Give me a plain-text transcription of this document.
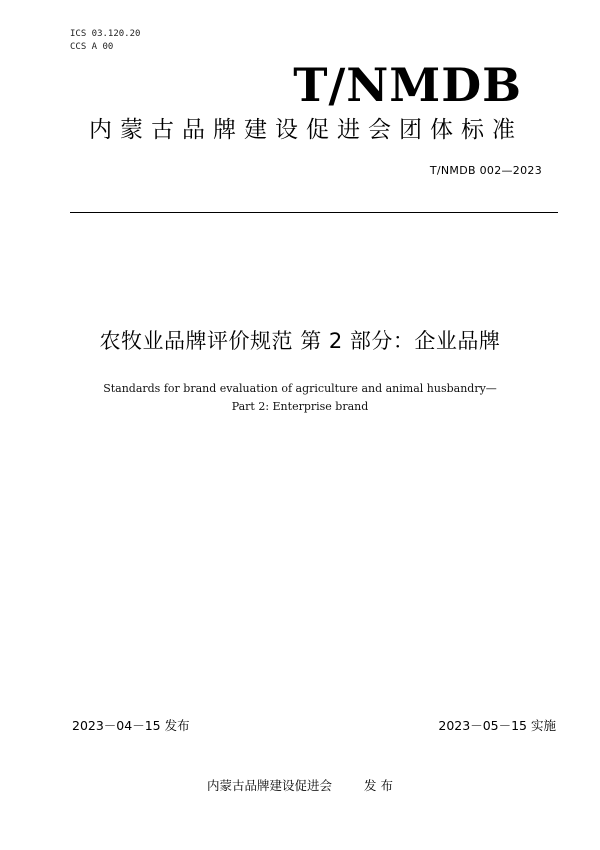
ICS 03.120.20
CCS A 00
T/NMDB
内蒙古品牌建设促进会团体标准
T/NMDB 002—2023
农牧业品牌评价规范 第 2 部分：企业品牌
Standards for brand evaluation of agriculture and animal husbandry—
Part 2: Enterprise brand
2023－04－15 发布	2023－05－15 实施
内蒙古品牌建设促进会	发 布
